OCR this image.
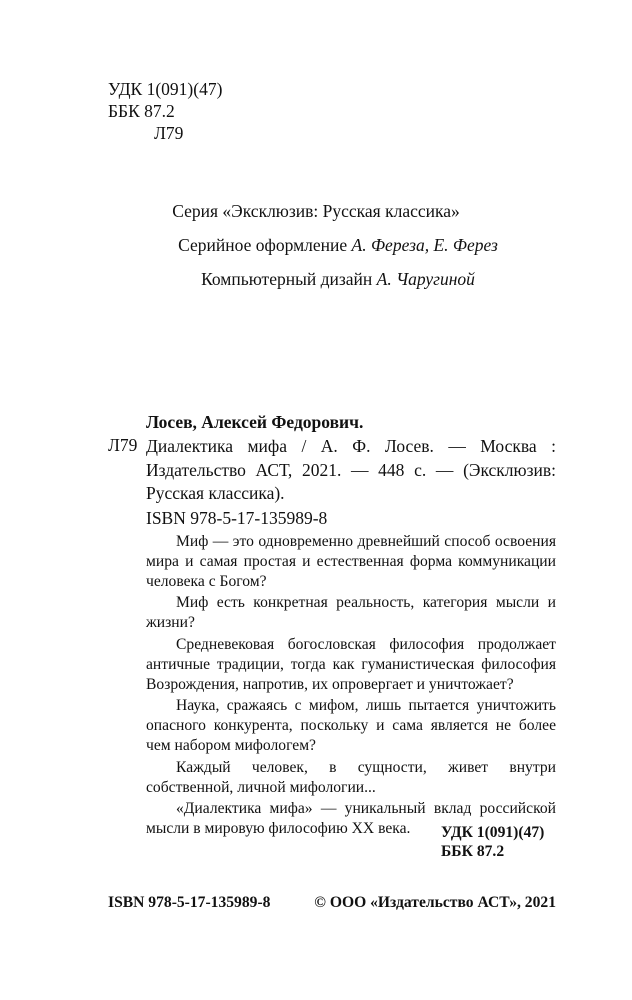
УДК 1(091)(47)
ББК 87.2
Л79
Серия «Эксклюзив: Русская классика»
Серийное оформление А. Фереза, Е. Ферез
Компьютерный дизайн А. Чаругиной
Лосев, Алексей Федорович.
Л79 Диалектика мифа / А. Ф. Лосев. — Москва : Издательство АСТ, 2021. — 448 с. — (Эксклюзив: Русская классика).
ISBN 978-5-17-135989-8

Миф — это одновременно древнейший способ освоения мира и самая простая и естественная форма коммуникации человека с Богом?

Миф есть конкретная реальность, категория мысли и жизни?

Средневековая богословская философия продолжает античные традиции, тогда как гуманистическая философия Возрождения, напротив, их опровергает и уничтожает?

Наука, сражаясь с мифом, лишь пытается уничтожить опасного конкурента, поскольку и сама является не более чем набором мифологем?

Каждый человек, в сущности, живет внутри собственной, личной мифологии...

«Диалектика мифа» — уникальный вклад российской мысли в мировую философию XX века.	УДК 1(091)(47)
ББК 87.2
ISBN 978-5-17-135989-8	© ООО «Издательство АСТ», 2021
